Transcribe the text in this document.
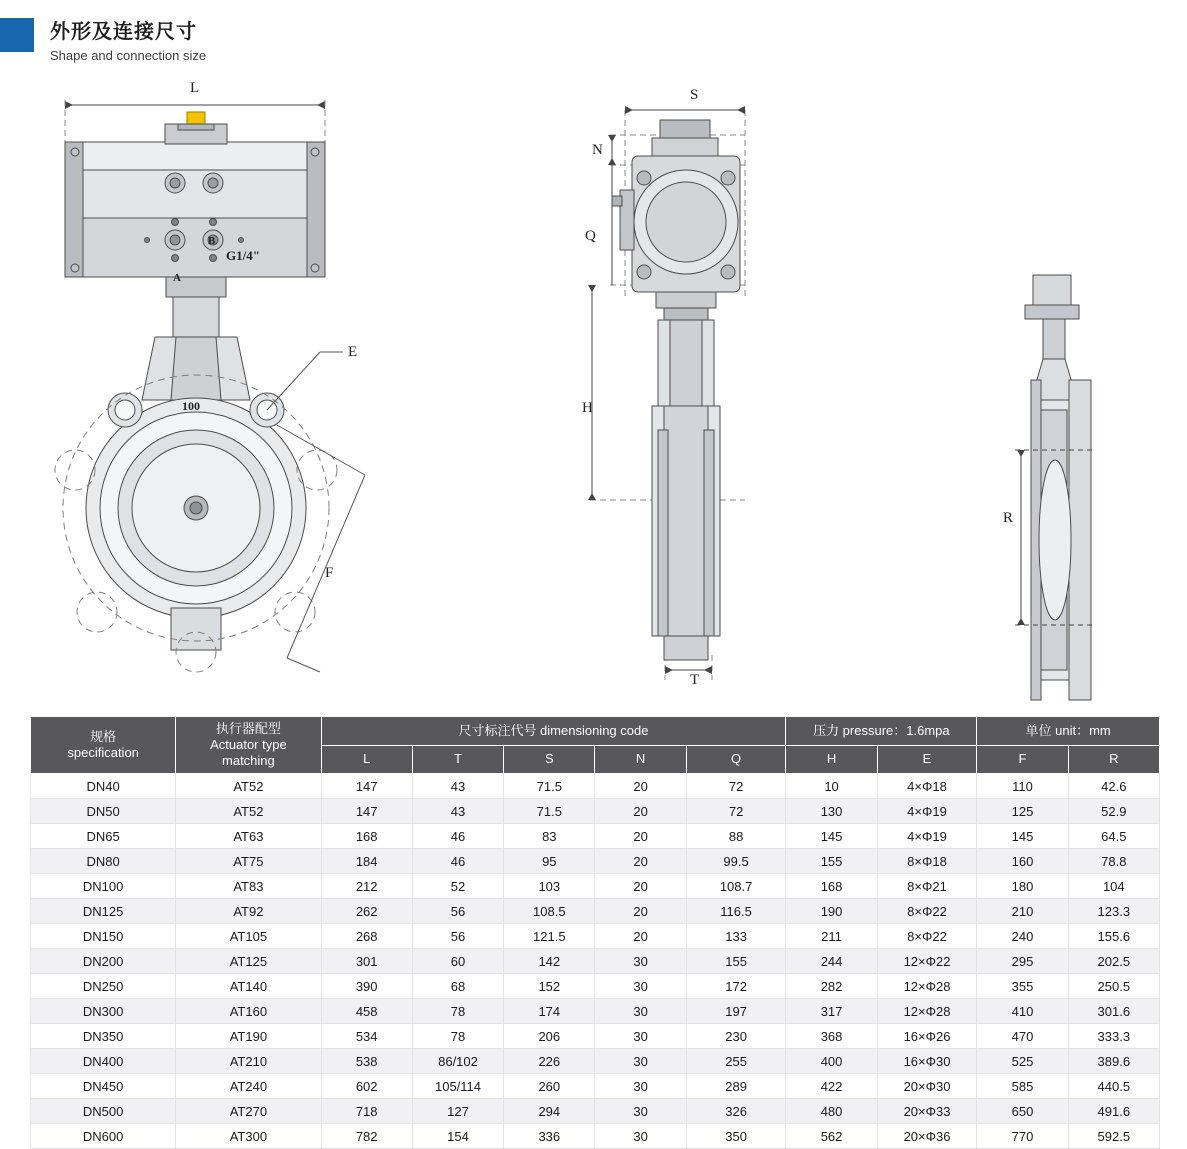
外形及连接尺寸
Shape and connection size
L
E
F
100
B
A
G1/4"
S
N
Q
H
T
R
规格
specification

执行器配型
Actuator type
matching
	尺寸标注代号 dimensioning code	压力 pressure：1.6mpa	单位 unit：mm
		L	T	S	N	Q	H	E	F	R
DN40	AT52	147	43	71.5	20	72	10	4×Φ18	110	42.6
DN50	AT52	147	43	71.5	20	72	130	4×Φ19	125	52.9
DN65	AT63	168	46	83	20	88	145	4×Φ19	145	64.5
DN80	AT75	184	46	95	20	99.5	155	8×Φ18	160	78.8
DN100	AT83	212	52	103	20	108.7	168	8×Φ21	180	104
DN125	AT92	262	56	108.5	20	116.5	190	8×Φ22	210	123.3
DN150	AT105	268	56	121.5	20	133	211	8×Φ22	240	155.6
DN200	AT125	301	60	142	30	155	244	12×Φ22	295	202.5
DN250	AT140	390	68	152	30	172	282	12×Φ28	355	250.5
DN300	AT160	458	78	174	30	197	317	12×Φ28	410	301.6
DN350	AT190	534	78	206	30	230	368	16×Φ26	470	333.3
DN400	AT210	538	86/102	226	30	255	400	16×Φ30	525	389.6
DN450	AT240	602	105/114	260	30	289	422	20×Φ30	585	440.5
DN500	AT270	718	127	294	30	326	480	20×Φ33	650	491.6
DN600	AT300	782	154	336	30	350	562	20×Φ36	770	592.5
